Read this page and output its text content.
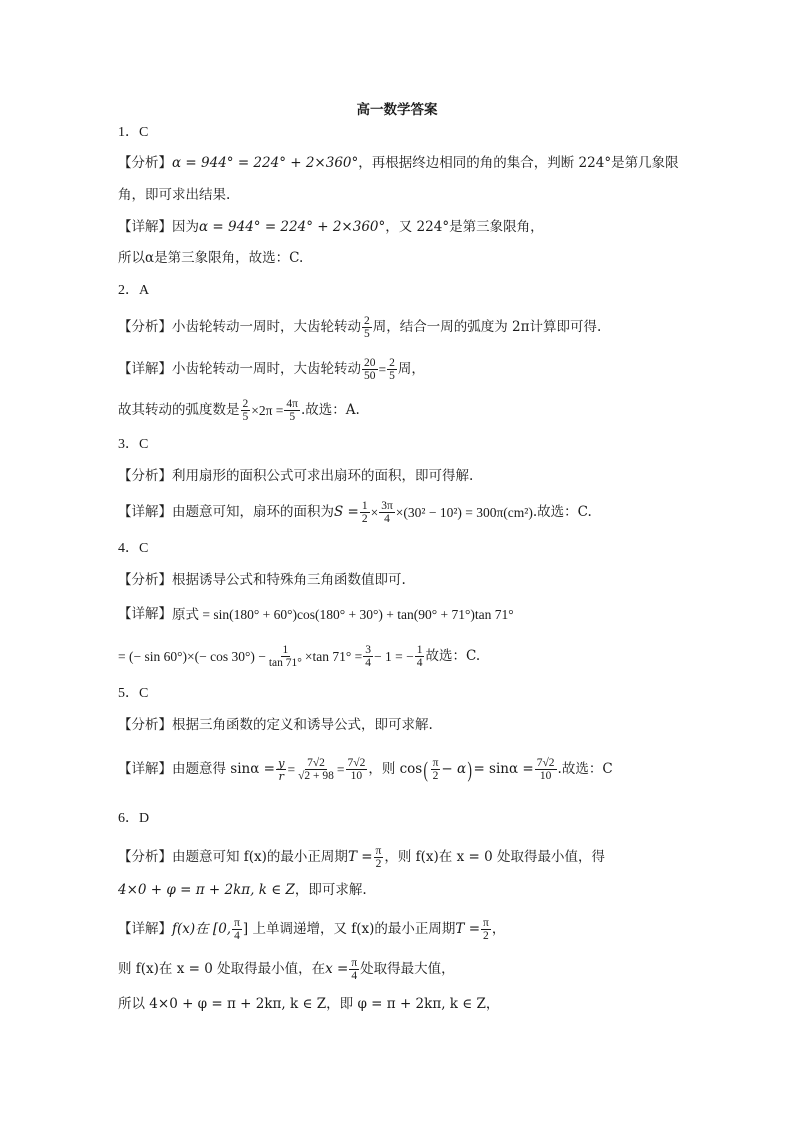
高一数学答案
1．C
【分析】 α = 944° = 224° + 2×360° ，再根据终边相同的角的集合，判断 224°是第几象限
角，即可求出结果.
【详解】 因为 α = 944° = 224° + 2×360° ，又 224°是第三象限角，
所以α是第三象限角，故选：C.
2．A
【分析】 小齿轮转动一周时，大齿轮转动 $\frac{2}{5}$ 周，结合一周的弧度为 2π计算即可得.
【详解】 小齿轮转动一周时，大齿轮转动 $\frac{20}{50} = \frac{2}{5}$ 周，
故其转动的弧度数是 $\frac{2}{5} \times 2\pi = \frac{4\pi}{5}$ .故选：A.
3．C
【分析】 利用扇形的面积公式可求出扇环的面积，即可得解.
【详解】 由题意可知，扇环的面积为 $S = \frac{1}{2} \times \frac{3\pi}{4} \times(30^2 - 10^2) = 300\pi(cm^2)$ .故选：C.
4．C
【分析】 根据诱导公式和特殊角三角函数值即可.
【详解】 原式 = sin(180° + 60°)cos(180° + 30°) + tan(90° + 71°)tan 71°
= (− $\sin 60^\circ)\times(- \cos 30^\circ) - \frac{1}{\tan 71^\circ} \times\tan$ $71^\circ = \frac{3}{4} - 1$ = − $\frac{1}{4}$ 故选：C.
5．C
【分析】 根据三角函数的定义和诱导公式，即可求解.
【详解】 由题意得 $\sin\alpha = \frac{y}{r} = \frac{7√2}{√2 + 98} = \frac{7√2}{10}$ ，则 cos ( $\frac{\pi}{2} - \alpha$ ) = $\sin\alpha = \frac{7√2}{10}$ .故选：C
6．D
【分析】 由题意可知 f(x)的最小正周期 $T = \frac{\pi}{2}$ ，则 f(x)在 x = 0 处取得最小值，得
4×0 + φ = π + 2kπ, k ∈ Z ，即可求解.
【详解】 f(x)在 [0, $\frac{\pi}{4}$ ] 上单调递增，又 f(x)的最小正周期 $T = \frac{\pi}{2}$ ，
则 f(x)在 x = 0 处取得最小值，在 $x = \frac{\pi}{4}$ 处取得最大值，
所以 4×0 + φ = π + 2kπ, k ∈ Z，即 φ = π + 2kπ, k ∈ Z，
